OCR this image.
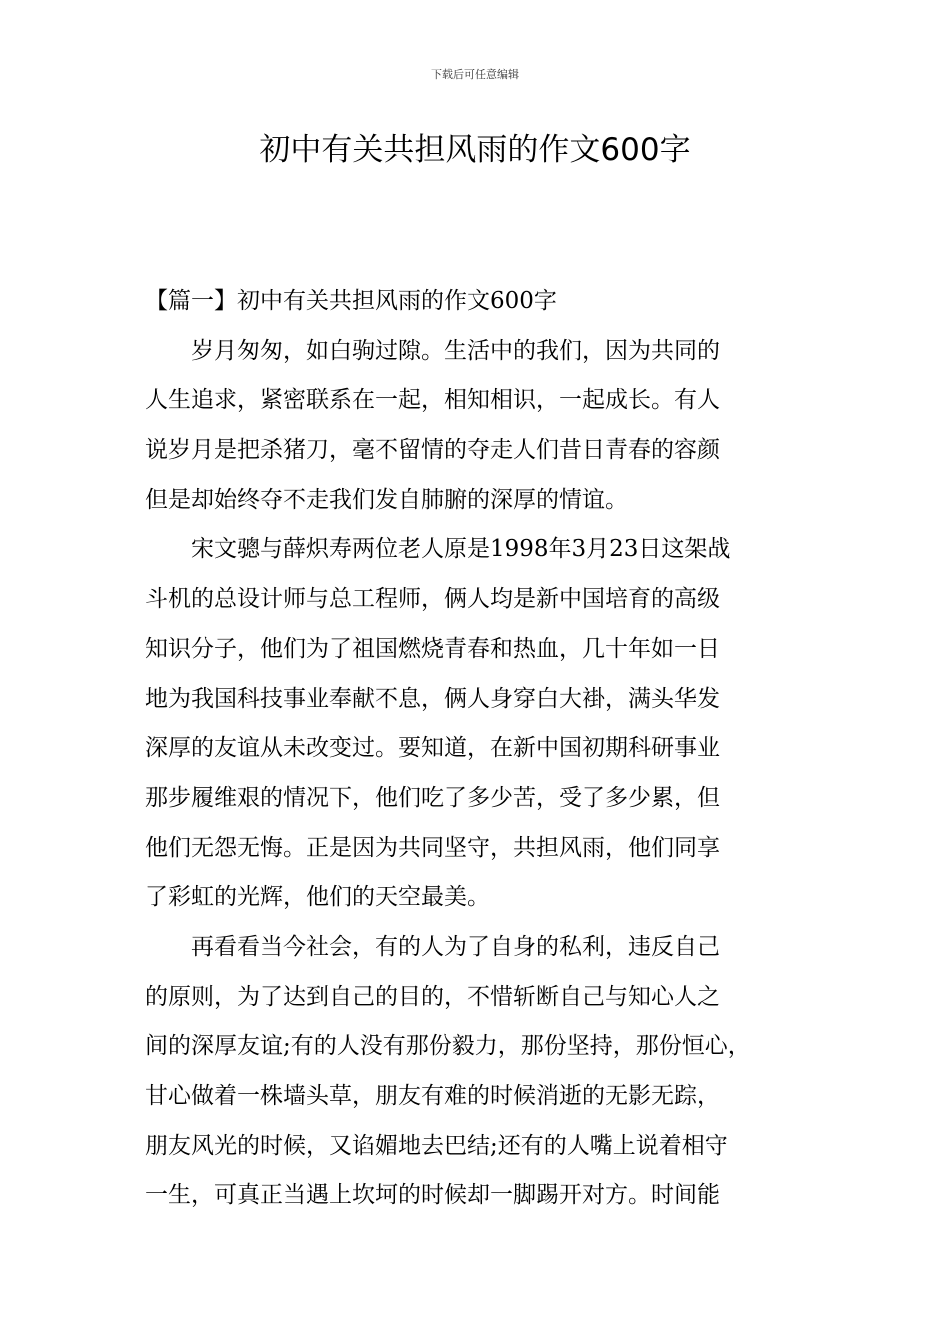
下载后可任意编辑
初中有关共担风雨的作文600字
【篇一】初中有关共担风雨的作文600字
岁月匆匆，如白驹过隙。生活中的我们，因为共同的
人生追求，紧密联系在一起，相知相识，一起成长。有人
说岁月是把杀猪刀，毫不留情的夺走人们昔日青春的容颜
但是却始终夺不走我们发自肺腑的深厚的情谊。
宋文骢与薛炽寿两位老人原是1998年3月23日这架战
斗机的总设计师与总工程师，俩人均是新中国培育的高级
知识分子，他们为了祖国燃烧青春和热血，几十年如一日
地为我国科技事业奉献不息，俩人身穿白大褂，满头华发
深厚的友谊从未改变过。要知道，在新中国初期科研事业
那步履维艰的情况下，他们吃了多少苦，受了多少累，但
他们无怨无悔。正是因为共同坚守，共担风雨，他们同享
了彩虹的光辉，他们的天空最美。
再看看当今社会，有的人为了自身的私利，违反自己
的原则，为了达到自己的目的，不惜斩断自己与知心人之
间的深厚友谊;有的人没有那份毅力，那份坚持，那份恒心，
甘心做着一株墙头草，朋友有难的时候消逝的无影无踪，
朋友风光的时候，又谄媚地去巴结;还有的人嘴上说着相守
一生，可真正当遇上坎坷的时候却一脚踢开对方。时间能
